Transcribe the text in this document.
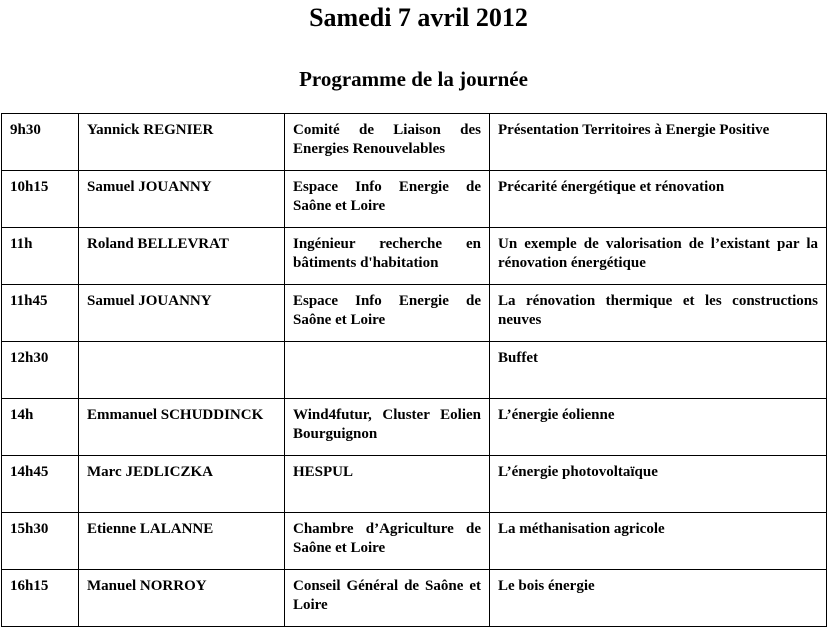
Samedi 7 avril 2012
Programme de la journée
9h30	Yannick REGNIER	Comité de Liaison des Energies Renouvelables	Présentation Territoires à Energie Positive
10h15	Samuel JOUANNY	Espace Info Energie de Saône et Loire	Précarité énergétique et rénovation
11h	Roland BELLEVRAT	Ingénieur recherche en bâtiments d'habitation	Un exemple de valorisation de l’existant par la rénovation énergétique
11h45	Samuel JOUANNY	Espace Info Energie de Saône et Loire	La rénovation thermique et les constructions neuves
12h30			Buffet
14h	Emmanuel SCHUDDINCK	Wind4futur, Cluster Eolien Bourguignon	L’énergie éolienne
14h45	Marc JEDLICZKA	HESPUL	L’énergie photovoltaïque
15h30	Etienne LALANNE	Chambre d’Agriculture de Saône et Loire	La méthanisation agricole
16h15	Manuel NORROY	Conseil Général de Saône et Loire	Le bois énergie
